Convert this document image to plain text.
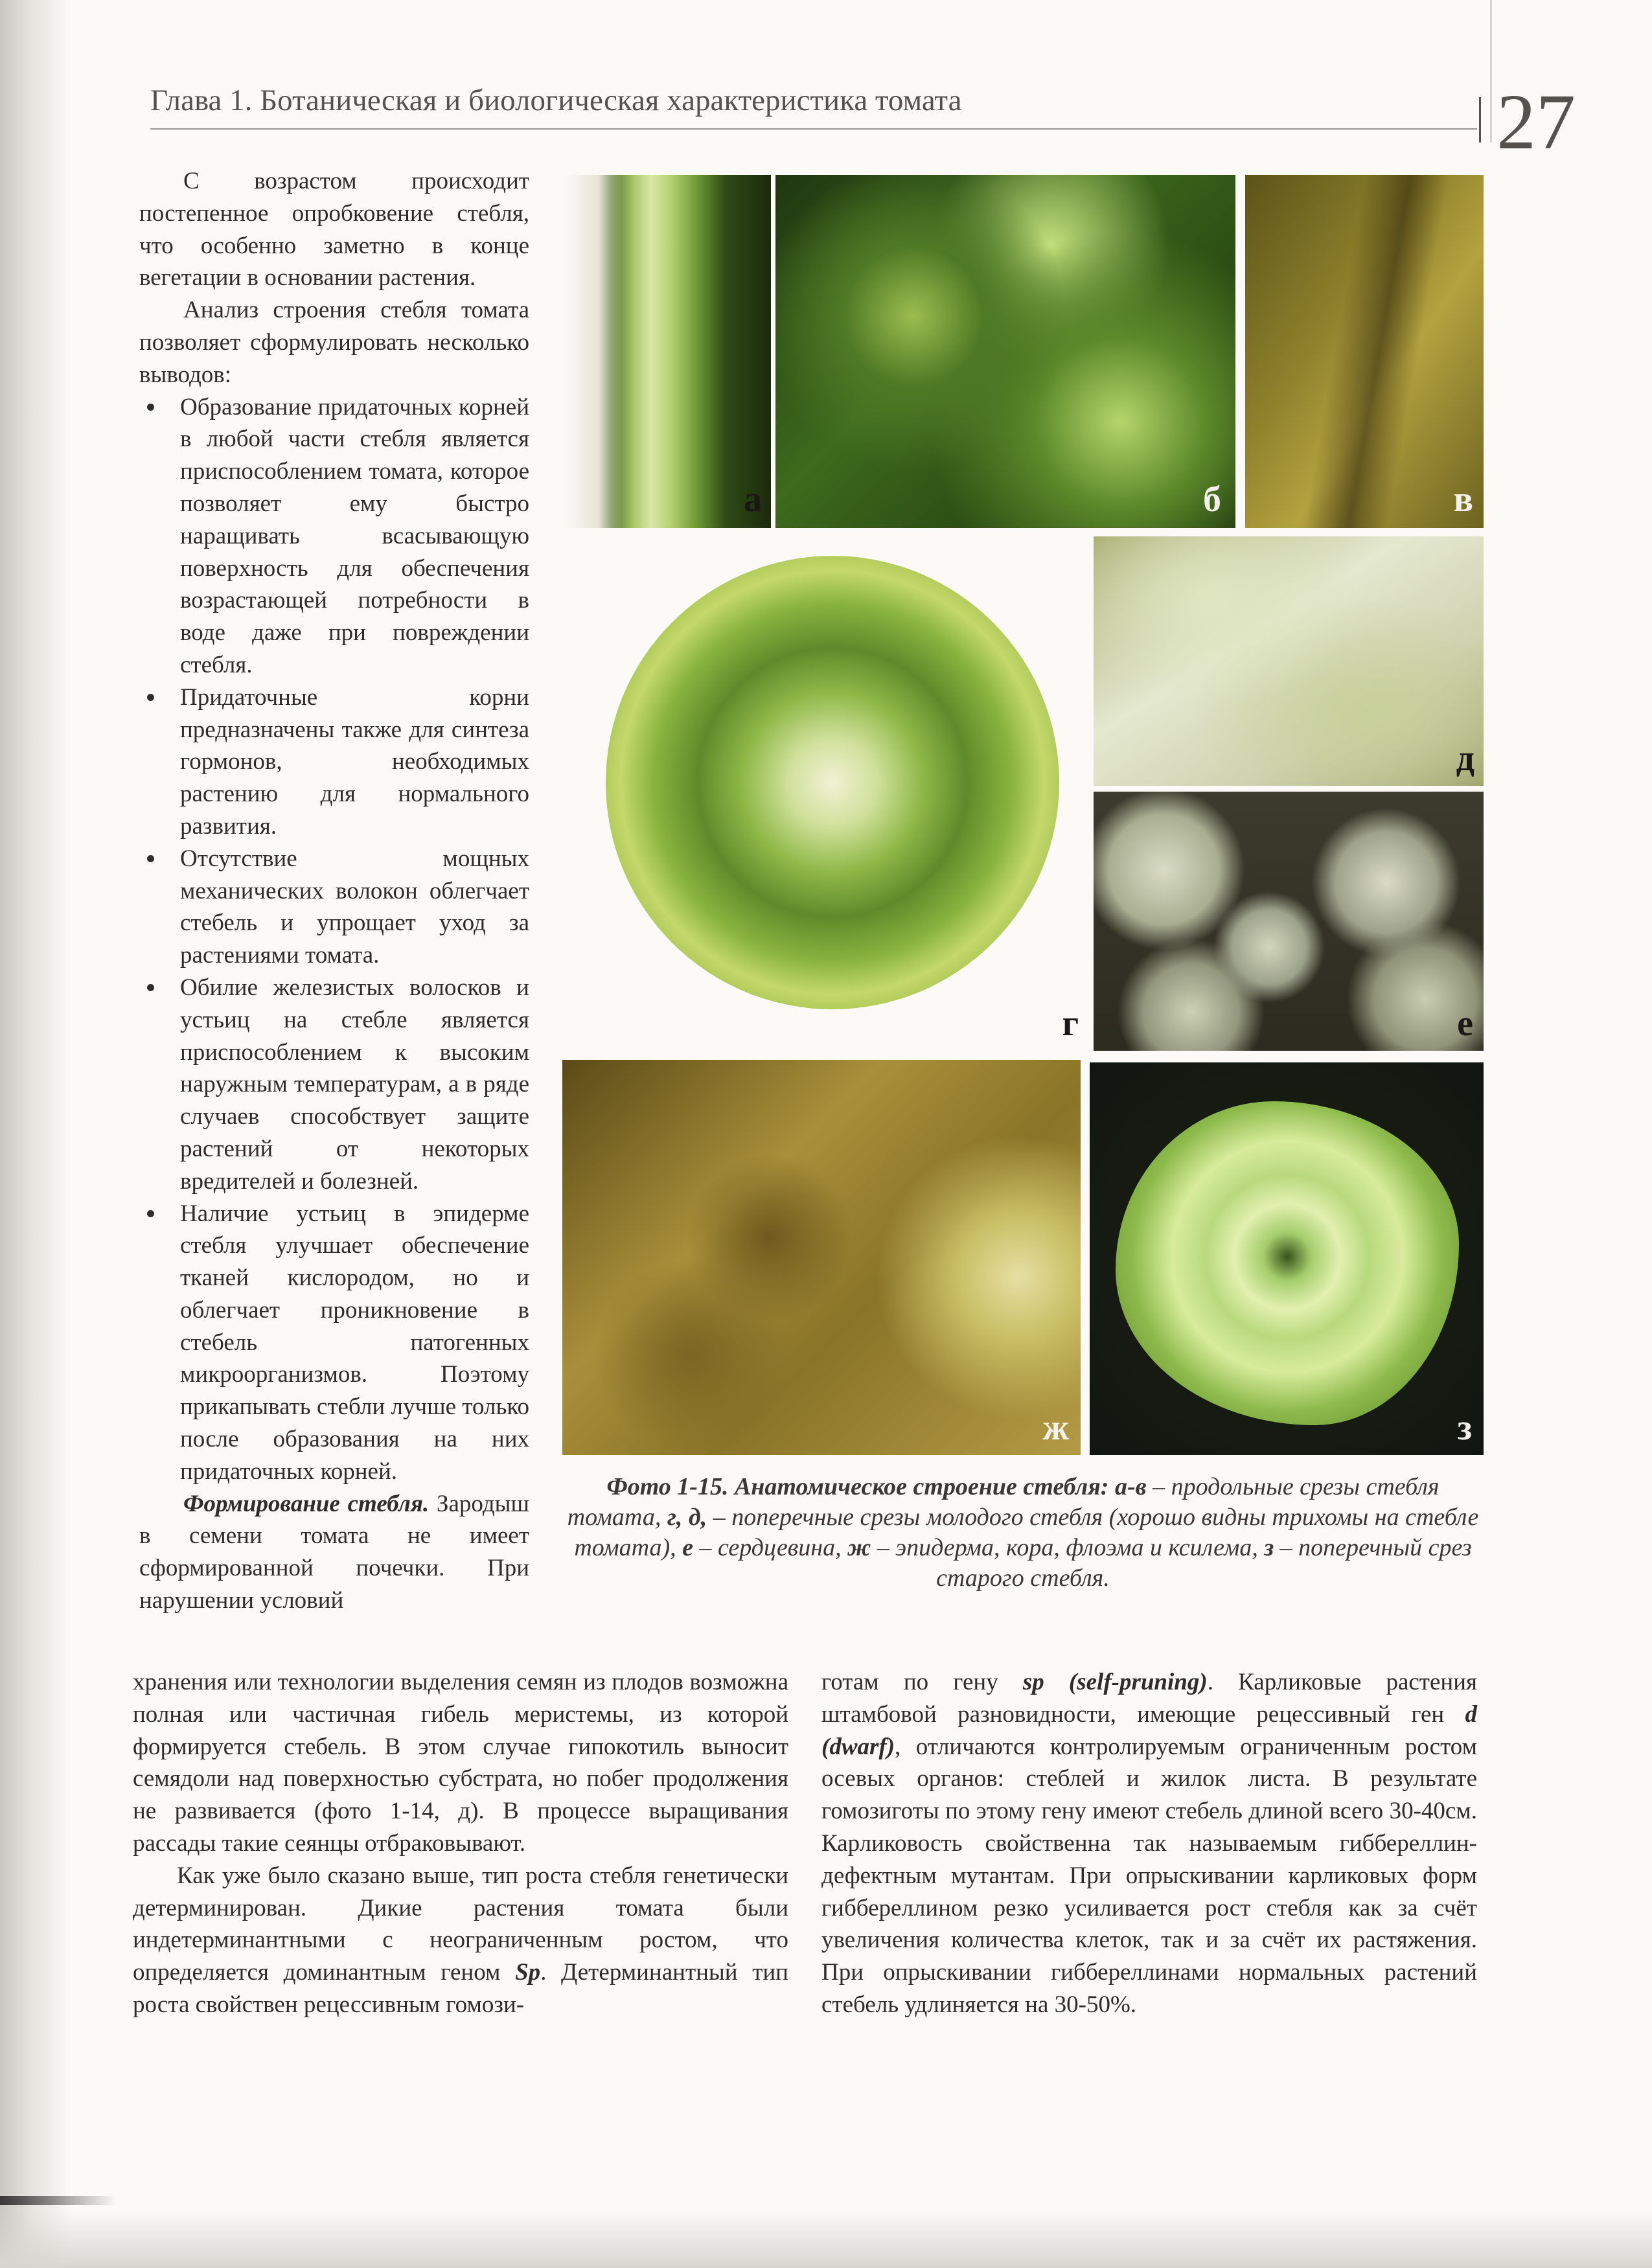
Глава 1. Ботаническая и биологическая характеристика томата	27

С возрастом происходит постепенное опробковение стебля, что особенно заметно в конце вегетации в основании растения.

Анализ строения стебля томата позволяет сформулировать несколько выводов:

Образование придаточных корней в любой части стебля является приспособлением томата, которое позволяет ему быстро наращивать всасывающую поверхность для обеспечения возрастающей потребности в воде даже при повреждении стебля.
Придаточные корни предназначены также для синтеза гормонов, необходимых растению для нормального развития.
Отсутствие мощных механических волокон облегчает стебель и упрощает уход за растениями томата.
Обилие железистых волосков и устьиц на стебле является приспособлением к высоким наружным температурам, а в ряде случаев способствует защите растений от некоторых вредителей и болезней.
Наличие устьиц в эпидерме стебля улучшает обеспечение тканей кислородом, но и облегчает проникновение в стебель патогенных микроорганизмов. Поэтому прикапывать стебли лучше только после образования на них придаточных корней.

Формирование стебля. Зародыш в семени томата не имеет сформированной почечки. При нарушении условий

а	б	в
г
д
е
ж	з
Фото 1-15. Анатомическое строение стебля: а-в – продольные срезы стебля томата, г, д, – поперечные срезы молодого стебля (хорошо видны трихомы на стебле томата), е – сердцевина, ж – эпидерма, кора, флоэма и ксилема, з – поперечный срез старого стебля.

хранения или технологии выделения семян из плодов возможна полная или частичная гибель меристемы, из которой формируется стебель. В этом случае гипокотиль выносит семядоли над поверхностью субстрата, но побег продолжения не развивается (фото 1-14, д). В процессе выращивания рассады такие сеянцы отбраковывают.

Как уже было сказано выше, тип роста стебля генетически детерминирован. Дикие растения томата были индетерминантными с неограниченным ростом, что определяется доминантным геном Sp. Детерминантный тип роста свойствен рецессивным гомози-

готам по гену sp (self-pruning). Карликовые растения штамбовой разновидности, имеющие рецессивный ген d (dwarf), отличаются контролируемым ограниченным ростом осевых органов: стеблей и жилок листа. В результате гомозиготы по этому гену имеют стебель длиной всего 30-40см. Карликовость свойственна так называемым гиббереллин-дефектным мутантам. При опрыскивании карликовых форм гиббереллином резко усиливается рост стебля как за счёт увеличения количества клеток, так и за счёт их растяжения. При опрыскивании гиббереллинами нормальных растений стебель удлиняется на 30-50%.
